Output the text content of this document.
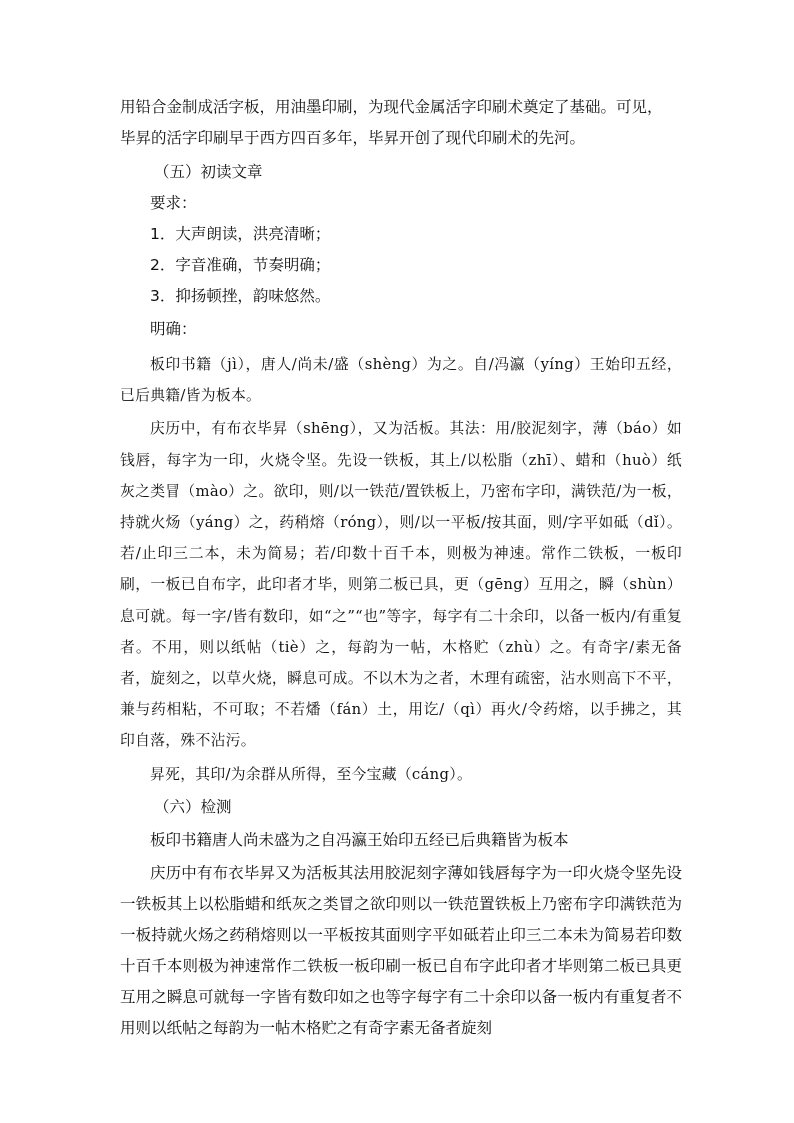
用铅合金制成活字板，用油墨印刷，为现代金属活字印刷术奠定了基础。可见，

毕昇的活字印刷早于西方四百多年，毕昇开创了现代印刷术的先河。

（五）初读文章

要求：

1．大声朗读，洪亮清晰；

2．字音准确，节奏明确；

3．抑扬顿挫，韵味悠然。

明确：

板印书籍（jì），唐人/尚未/盛（shèng）为之。自/冯瀛（yíng）王始印五经，已后典籍/皆为板本。

庆历中，有布衣毕昇（shēng），又为活板。其法：用/胶泥刻字，薄（báo）如钱唇，每字为一印，火烧令坚。先设一铁板，其上/以松脂（zhī）、蜡和（huò）纸灰之类冒（mào）之。欲印，则/以一铁范/置铁板上，乃密布字印，满铁范/为一板，持就火炀（yáng）之，药稍熔（róng），则/以一平板/按其面，则/字平如砥（dǐ）。若/止印三二本，未为简易；若/印数十百千本，则极为神速。常作二铁板，一板印刷，一板已自布字，此印者才毕，则第二板已具，更（gēng）互用之，瞬（shùn）息可就。每一字/皆有数印，如“之”“也”等字，每字有二十余印，以备一板内/有重复者。不用，则以纸帖（tiè）之，每韵为一帖，木格贮（zhù）之。有奇字/素无备者，旋刻之，以草火烧，瞬息可成。不以木为之者，木理有疏密，沾水则高下不平，兼与药相粘，不可取；不若燔（fán）土，用讫/（qì）再火/令药熔，以手拂之，其印自落，殊不沾污。

昇死，其印/为余群从所得，至今宝藏（cáng）。

（六）检测

板印书籍唐人尚未盛为之自冯瀛王始印五经已后典籍皆为板本

庆历中有布衣毕昇又为活板其法用胶泥刻字薄如钱唇每字为一印火烧令坚先设一铁板其上以松脂蜡和纸灰之类冒之欲印则以一铁范置铁板上乃密布字印满铁范为一板持就火炀之药稍熔则以一平板按其面则字平如砥若止印三二本未为简易若印数十百千本则极为神速常作二铁板一板印刷一板已自布字此印者才毕则第二板已具更互用之瞬息可就每一字皆有数印如之也等字每字有二十余印以备一板内有重复者不用则以纸帖之每韵为一帖木格贮之有奇字素无备者旋刻
